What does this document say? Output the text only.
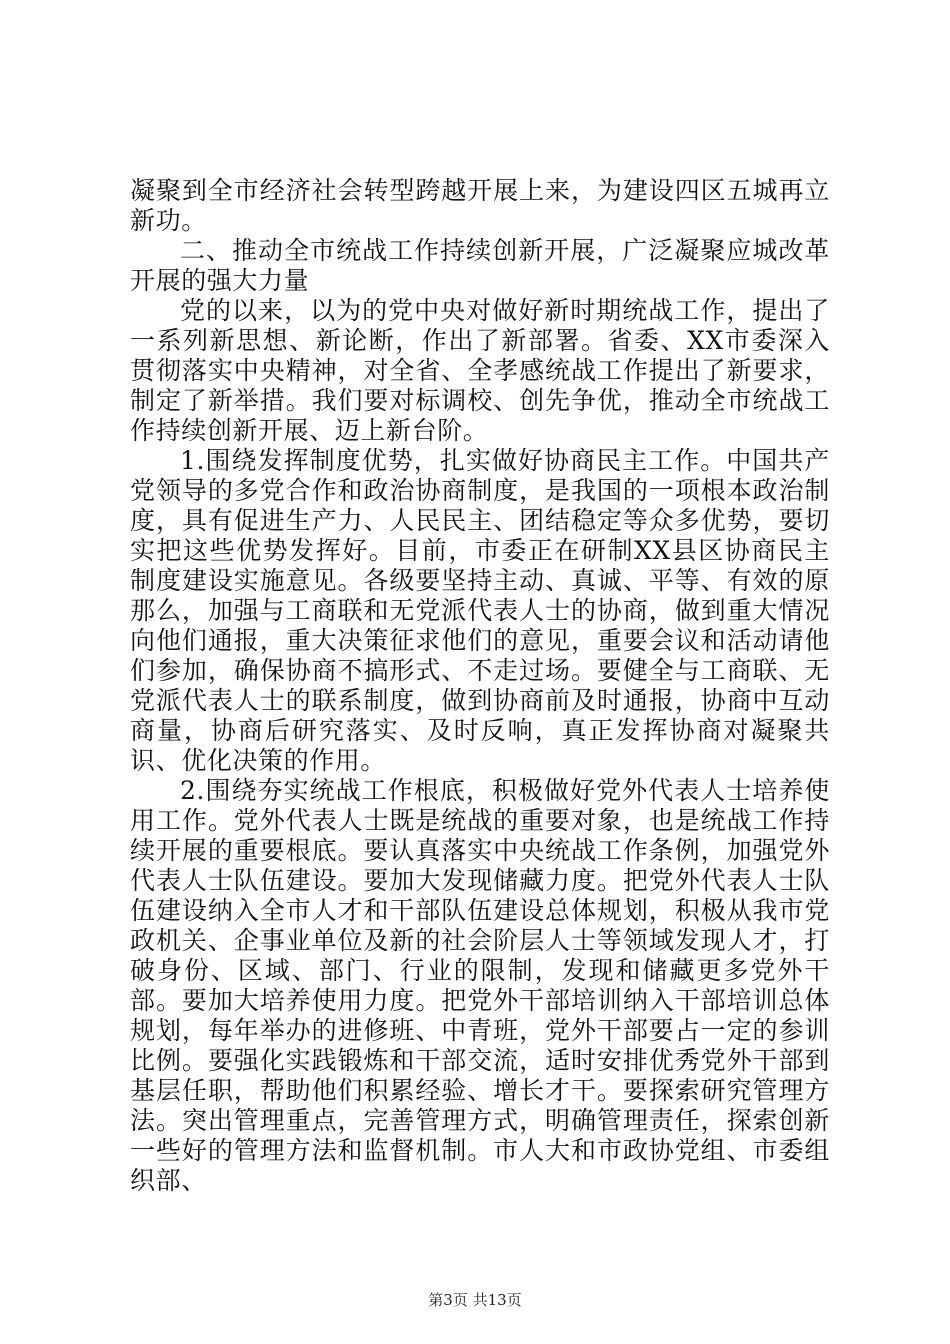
凝聚到全市经济社会转型跨越开展上来，为建设四区五城再立新功。

二、推动全市统战工作持续创新开展，广泛凝聚应城改革开展的强大力量

党的以来，以为的党中央对做好新时期统战工作，提出了一系列新思想、新论断，作出了新部署。省委、XX市委深入贯彻落实中央精神，对全省、全孝感统战工作提出了新要求，制定了新举措。我们要对标调校、创先争优，推动全市统战工作持续创新开展、迈上新台阶。

1.围绕发挥制度优势，扎实做好协商民主工作。中国共产党领导的多党合作和政治协商制度，是我国的一项根本政治制度，具有促进生产力、人民民主、团结稳定等众多优势，要切实把这些优势发挥好。目前，市委正在研制XX县区协商民主制度建设实施意见。各级要坚持主动、真诚、平等、有效的原那么，加强与工商联和无党派代表人士的协商，做到重大情况向他们通报，重大决策征求他们的意见，重要会议和活动请他们参加，确保协商不搞形式、不走过场。要健全与工商联、无党派代表人士的联系制度，做到协商前及时通报，协商中互动商量，协商后研究落实、及时反响，真正发挥协商对凝聚共识、优化决策的作用。

2.围绕夯实统战工作根底，积极做好党外代表人士培养使用工作。党外代表人士既是统战的重要对象，也是统战工作持续开展的重要根底。要认真落实中央统战工作条例，加强党外代表人士队伍建设。要加大发现储藏力度。把党外代表人士队伍建设纳入全市人才和干部队伍建设总体规划，积极从我市党政机关、企事业单位及新的社会阶层人士等领域发现人才，打破身份、区域、部门、行业的限制，发现和储藏更多党外干部。要加大培养使用力度。把党外干部培训纳入干部培训总体规划，每年举办的进修班、中青班，党外干部要占一定的参训比例。要强化实践锻炼和干部交流，适时安排优秀党外干部到基层任职，帮助他们积累经验、增长才干。要探索研究管理方法。突出管理重点，完善管理方式，明确管理责任，探索创新一些好的管理方法和监督机制。市人大和市政协党组、市委组织部、

第3页 共13页
